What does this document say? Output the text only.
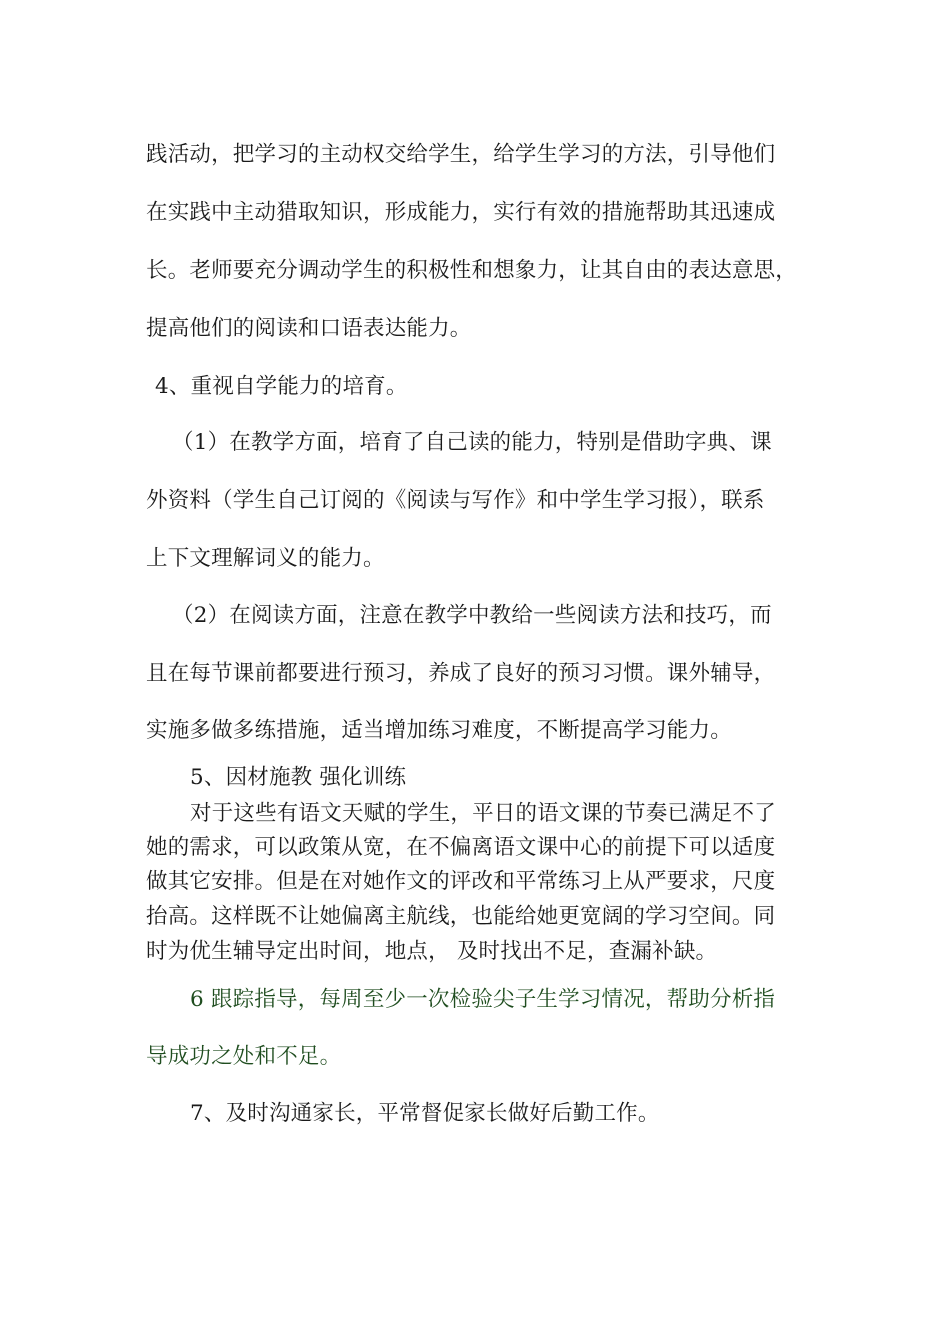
践活动，把学习的主动权交给学生，给学生学习的方法，引导他们
在实践中主动猎取知识，形成能力，实行有效的措施帮助其迅速成
长。老师要充分调动学生的积极性和想象力，让其自由的表达意思，
提高他们的阅读和口语表达能力。
4、重视自学能力的培育。
（1）在教学方面，培育了自己读的能力，特别是借助字典、课
外资料（学生自己订阅的《阅读与写作》和中学生学习报），联系
上下文理解词义的能力。
（2）在阅读方面，注意在教学中教给一些阅读方法和技巧，而
且在每节课前都要进行预习，养成了良好的预习习惯。课外辅导，
实施多做多练措施，适当增加练习难度，不断提高学习能力。
5、因材施教 强化训练
对于这些有语文天赋的学生，平日的语文课的节奏已满足不了
她的需求，可以政策从宽，在不偏离语文课中心的前提下可以适度
做其它安排。但是在对她作文的评改和平常练习上从严要求，尺度
抬高。这样既不让她偏离主航线，也能给她更宽阔的学习空间。同
时为优生辅导定出时间，地点， 及时找出不足，查漏补缺。
6 跟踪指导，每周至少一次检验尖子生学习情况，帮助分析指
导成功之处和不足。
7、及时沟通家长，平常督促家长做好后勤工作。
